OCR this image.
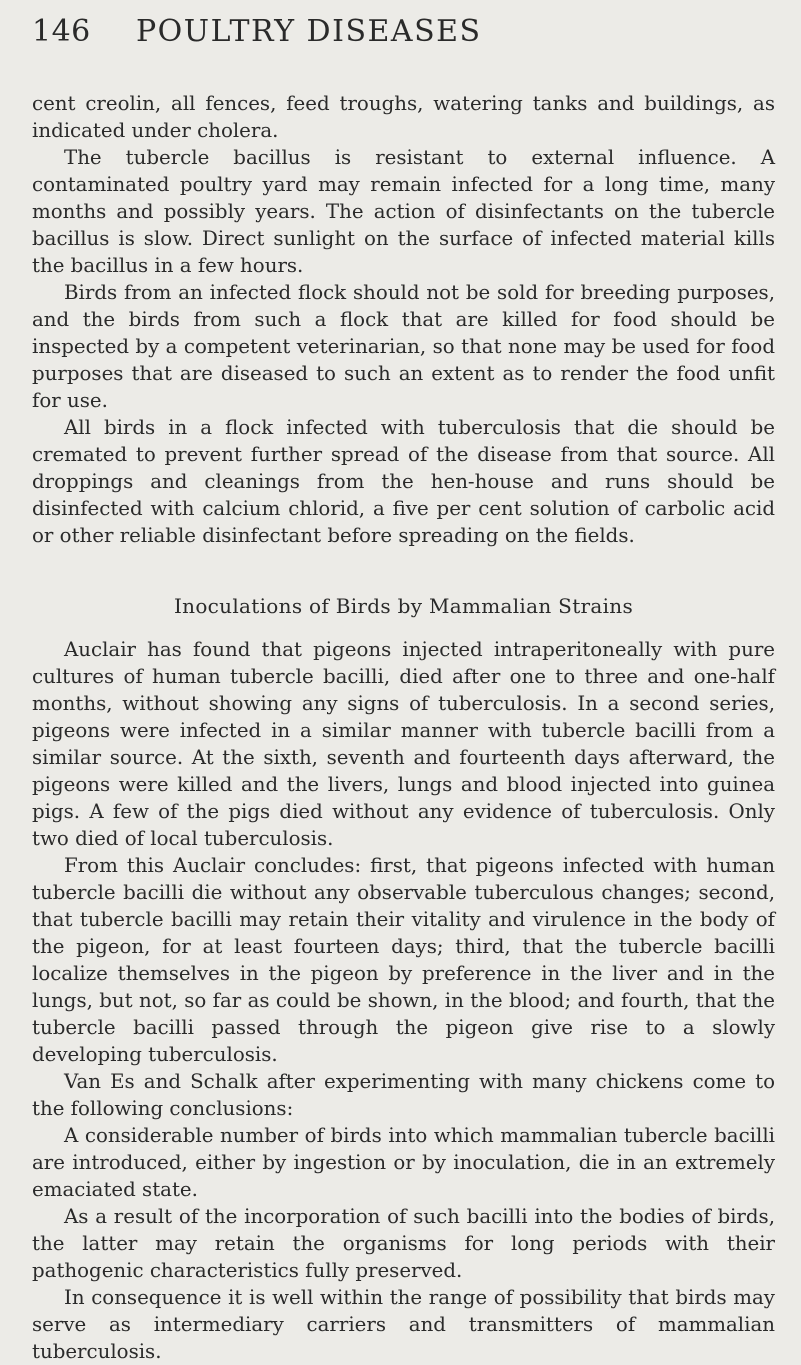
146	POULTRY DISEASES

cent creolin, all fences, feed troughs, watering tanks and buildings, as indicated under cholera.

The tubercle bacillus is resistant to external influence. A contaminated poultry yard may remain infected for a long time, many months and possibly years. The action of disinfectants on the tubercle bacillus is slow. Direct sunlight on the surface of infected material kills the bacillus in a few hours.

Birds from an infected flock should not be sold for breeding purposes, and the birds from such a flock that are killed for food should be inspected by a competent veterinarian, so that none may be used for food purposes that are diseased to such an extent as to render the food unfit for use.

All birds in a flock infected with tuberculosis that die should be cremated to prevent further spread of the disease from that source. All droppings and cleanings from the hen-house and runs should be disinfected with calcium chlorid, a five per cent solution of carbolic acid or other reliable disinfectant before spreading on the fields.

Inoculations of Birds by Mammalian Strains

Auclair has found that pigeons injected intraperitoneally with pure cultures of human tubercle bacilli, died after one to three and one-half months, without showing any signs of tuberculosis. In a second series, pigeons were infected in a similar manner with tubercle bacilli from a similar source. At the sixth, seventh and fourteenth days afterward, the pigeons were killed and the livers, lungs and blood injected into guinea pigs. A few of the pigs died without any evidence of tuberculosis. Only two died of local tuberculosis.

From this Auclair concludes: first, that pigeons infected with human tubercle bacilli die without any observable tuberculous changes; second, that tubercle bacilli may retain their vitality and virulence in the body of the pigeon, for at least fourteen days; third, that the tubercle bacilli localize themselves in the pigeon by preference in the liver and in the lungs, but not, so far as could be shown, in the blood; and fourth, that the tubercle bacilli passed through the pigeon give rise to a slowly developing tuberculosis.

Van Es and Schalk after experimenting with many chickens come to the following conclusions:

A considerable number of birds into which mammalian tubercle bacilli are introduced, either by ingestion or by inoculation, die in an extremely emaciated state.

As a result of the incorporation of such bacilli into the bodies of birds, the latter may retain the organisms for long periods with their pathogenic characteristics fully preserved.

In consequence it is well within the range of possibility that birds may serve as intermediary carriers and transmitters of mammalian tuberculosis.
